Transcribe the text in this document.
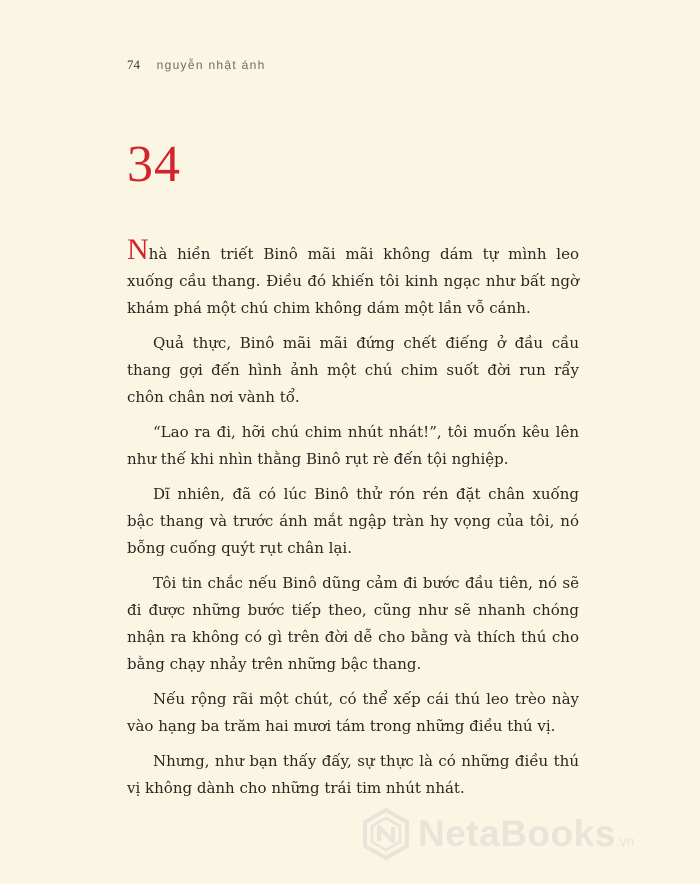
74 nguyễn nhật ánh
34

Nhà hiền triết Binô mãi mãi không dám tự mình leo xuống cầu thang. Điều đó khiến tôi kinh ngạc như bất ngờ khám phá một chú chim không dám một lần vỗ cánh.

Quả thực, Binô mãi mãi đứng chết điếng ở đầu cầu thang gợi đến hình ảnh một chú chim suốt đời run rẩy chôn chân nơi vành tổ.

“Lao ra đi, hỡi chú chim nhút nhát!”, tôi muốn kêu lên như thế khi nhìn thằng Binô rụt rè đến tội nghiệp.

Dĩ nhiên, đã có lúc Binô thử rón rén đặt chân xuống bậc thang và trước ánh mắt ngập tràn hy vọng của tôi, nó bỗng cuống quýt rụt chân lại.

Tôi tin chắc nếu Binô dũng cảm đi bước đầu tiên, nó sẽ đi được những bước tiếp theo, cũng như sẽ nhanh chóng nhận ra không có gì trên đời dễ cho bằng và thích thú cho bằng chạy nhảy trên những bậc thang.

Nếu rộng rãi một chút, có thể xếp cái thú leo trèo này vào hạng ba trăm hai mươi tám trong những điều thú vị.

Nhưng, như bạn thấy đấy, sự thực là có những điều thú vị không dành cho những trái tim nhút nhát.

NetaBooks.vn
